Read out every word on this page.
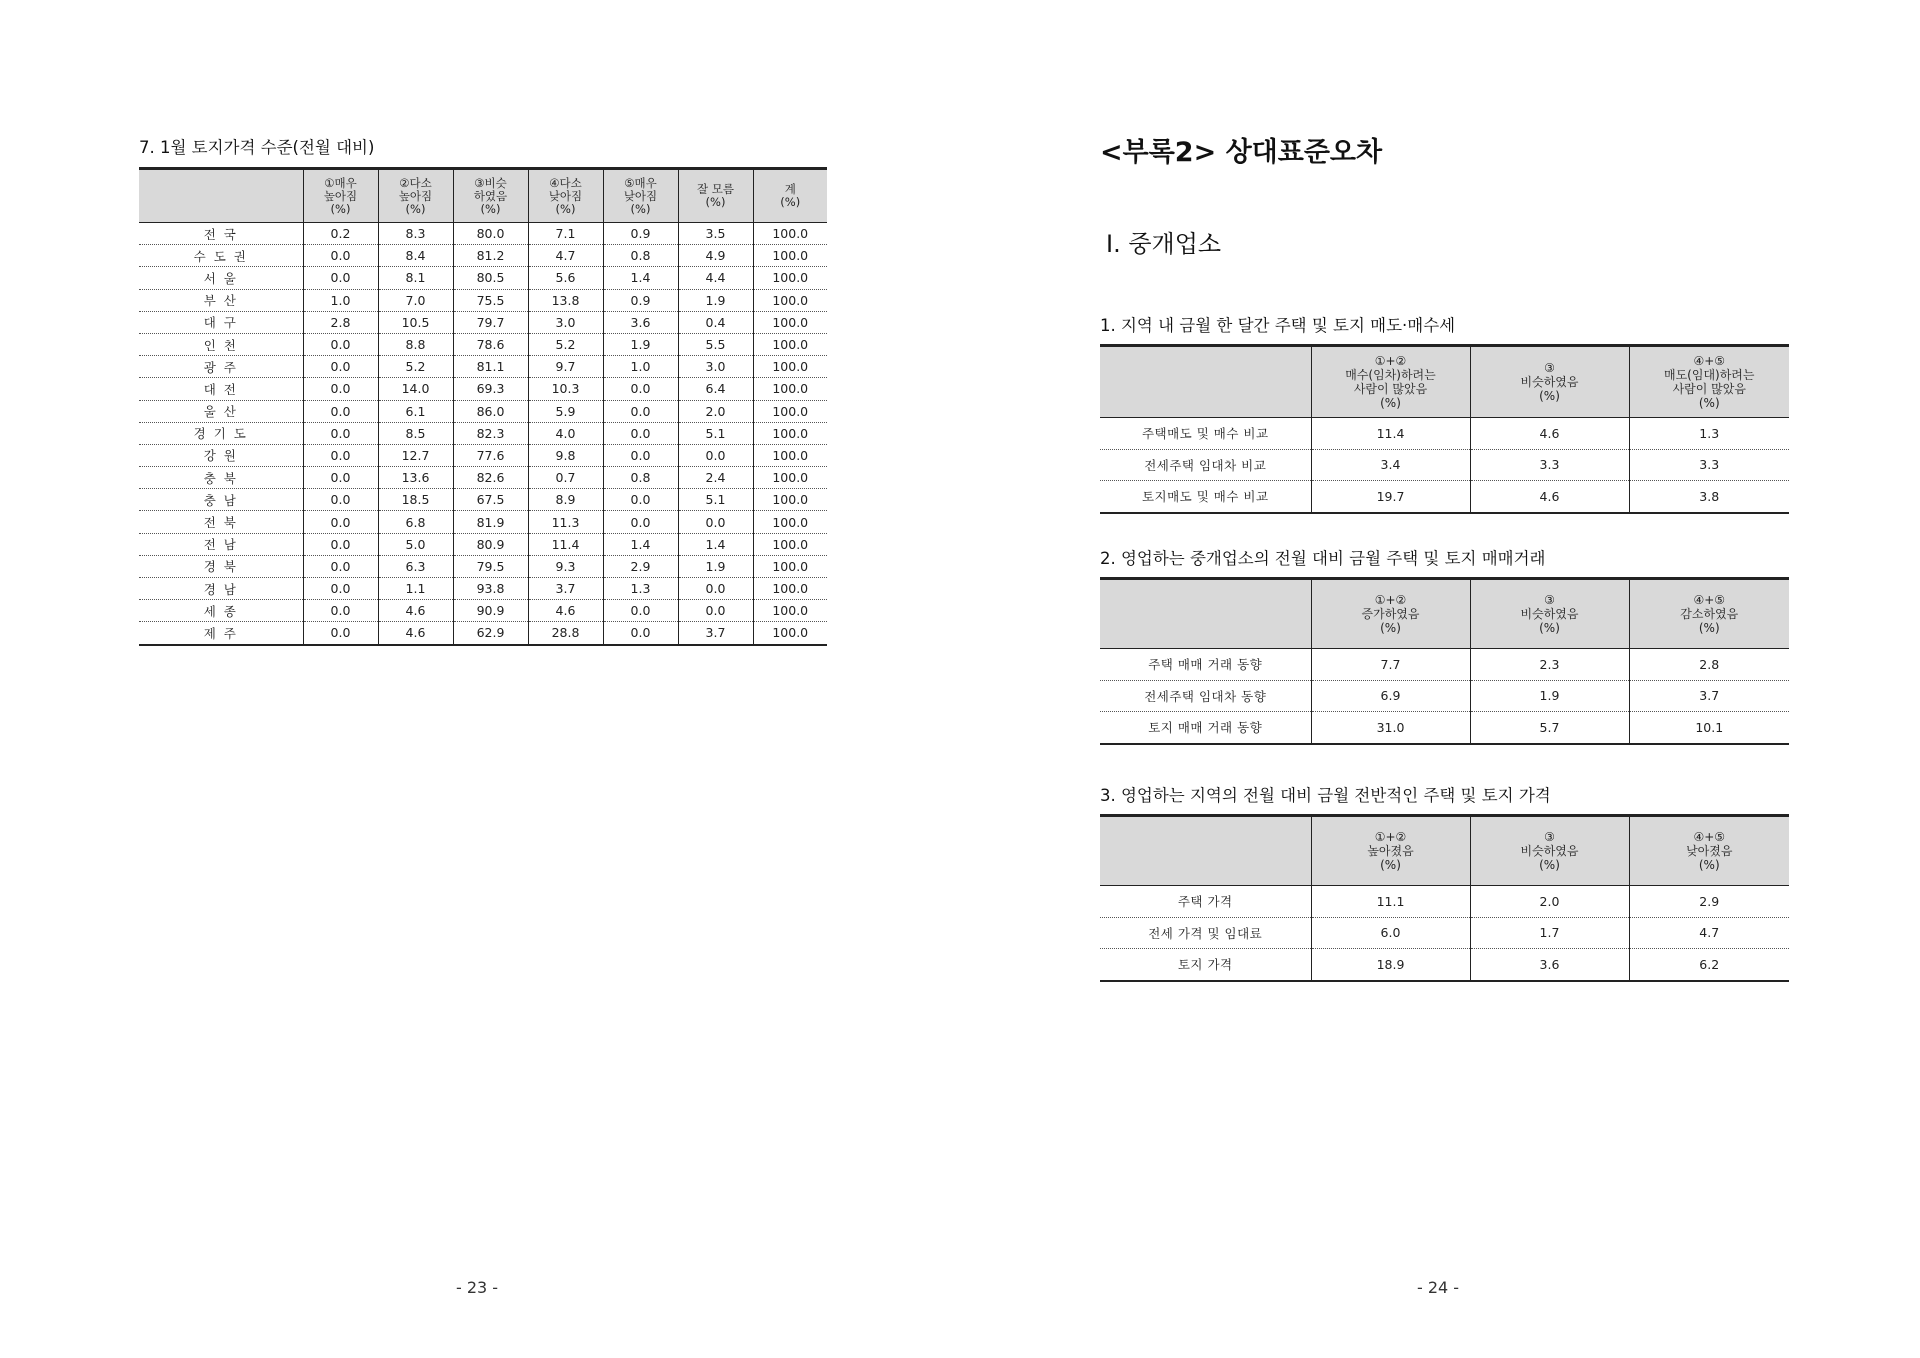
7. 1월 토지가격 수준(전월 대비)
	①매우
높아짐
(%)	②다소
높아짐
(%)	③비슷
하였음
(%)	④다소
낮아짐
(%)	⑤매우
낮아짐
(%)	잘 모름
(%)	계
(%)
전 국	0.2	8.3	80.0	7.1	0.9	3.5	100.0
수 도 권	0.0	8.4	81.2	4.7	0.8	4.9	100.0
서 울	0.0	8.1	80.5	5.6	1.4	4.4	100.0
부 산	1.0	7.0	75.5	13.8	0.9	1.9	100.0
대 구	2.8	10.5	79.7	3.0	3.6	0.4	100.0
인 천	0.0	8.8	78.6	5.2	1.9	5.5	100.0
광 주	0.0	5.2	81.1	9.7	1.0	3.0	100.0
대 전	0.0	14.0	69.3	10.3	0.0	6.4	100.0
울 산	0.0	6.1	86.0	5.9	0.0	2.0	100.0
경 기 도	0.0	8.5	82.3	4.0	0.0	5.1	100.0
강 원	0.0	12.7	77.6	9.8	0.0	0.0	100.0
충 북	0.0	13.6	82.6	0.7	0.8	2.4	100.0
충 남	0.0	18.5	67.5	8.9	0.0	5.1	100.0
전 북	0.0	6.8	81.9	11.3	0.0	0.0	100.0
전 남	0.0	5.0	80.9	11.4	1.4	1.4	100.0
경 북	0.0	6.3	79.5	9.3	2.9	1.9	100.0
경 남	0.0	1.1	93.8	3.7	1.3	0.0	100.0
세 종	0.0	4.6	90.9	4.6	0.0	0.0	100.0
제 주	0.0	4.6	62.9	28.8	0.0	3.7	100.0
- 23 -
<부록2> 상대표준오차
I. 중개업소
1. 지역 내 금월 한 달간 주택 및 토지 매도·매수세
	①+②
매수(임차)하려는
사람이 많았음
(%)	③
비슷하였음
(%)	④+⑤
매도(임대)하려는
사람이 많았음
(%)
주택매도 및 매수 비교	11.4	4.6	1.3
전세주택 임대차 비교	3.4	3.3	3.3
토지매도 및 매수 비교	19.7	4.6	3.8
2. 영업하는 중개업소의 전월 대비 금월 주택 및 토지 매매거래
	①+②
증가하였음
(%)	③
비슷하였음
(%)	④+⑤
감소하였음
(%)
주택 매매 거래 동향	7.7	2.3	2.8
전세주택 임대차 동향	6.9	1.9	3.7
토지 매매 거래 동향	31.0	5.7	10.1
3. 영업하는 지역의 전월 대비 금월 전반적인 주택 및 토지 가격
	①+②
높아졌음
(%)	③
비슷하였음
(%)	④+⑤
낮아졌음
(%)
주택 가격	11.1	2.0	2.9
전세 가격 및 임대료	6.0	1.7	4.7
토지 가격	18.9	3.6	6.2
- 24 -
